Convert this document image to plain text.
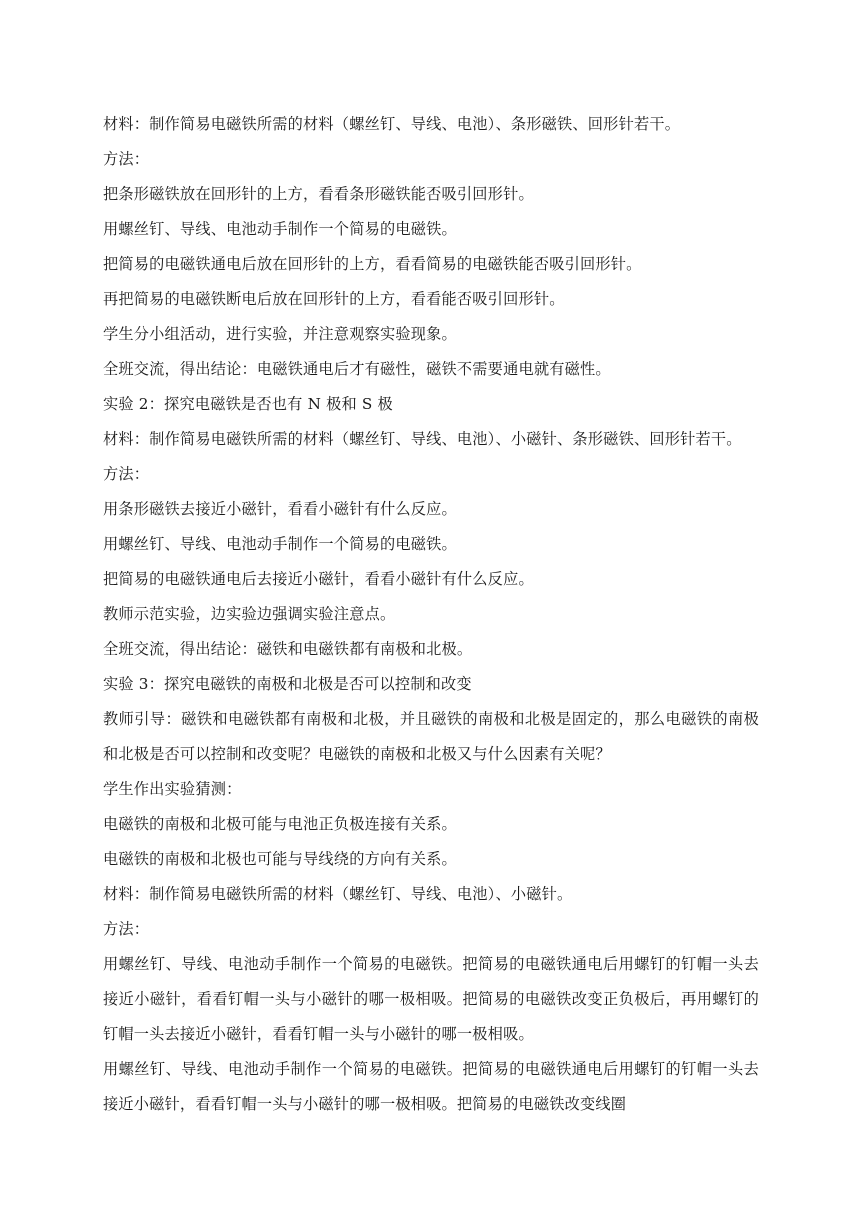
材料：制作简易电磁铁所需的材料（螺丝钉、导线、电池）、条形磁铁、回形针若干。

方法：

把条形磁铁放在回形针的上方，看看条形磁铁能否吸引回形针。

用螺丝钉、导线、电池动手制作一个简易的电磁铁。

把简易的电磁铁通电后放在回形针的上方，看看简易的电磁铁能否吸引回形针。

再把简易的电磁铁断电后放在回形针的上方，看看能否吸引回形针。

学生分小组活动，进行实验，并注意观察实验现象。

全班交流，得出结论：电磁铁通电后才有磁性，磁铁不需要通电就有磁性。

实验 2：探究电磁铁是否也有 N 极和 S 极

材料：制作简易电磁铁所需的材料（螺丝钉、导线、电池）、小磁针、条形磁铁、回形针若干。

方法：

用条形磁铁去接近小磁针，看看小磁针有什么反应。

用螺丝钉、导线、电池动手制作一个简易的电磁铁。

把简易的电磁铁通电后去接近小磁针，看看小磁针有什么反应。

教师示范实验，边实验边强调实验注意点。

全班交流，得出结论：磁铁和电磁铁都有南极和北极。

实验 3：探究电磁铁的南极和北极是否可以控制和改变

教师引导：磁铁和电磁铁都有南极和北极，并且磁铁的南极和北极是固定的，那么电磁铁的南极和北极是否可以控制和改变呢？电磁铁的南极和北极又与什么因素有关呢？

学生作出实验猜测：

电磁铁的南极和北极可能与电池正负极连接有关系。

电磁铁的南极和北极也可能与导线绕的方向有关系。

材料：制作简易电磁铁所需的材料（螺丝钉、导线、电池）、小磁针。

方法：

用螺丝钉、导线、电池动手制作一个简易的电磁铁。把简易的电磁铁通电后用螺钉的钉帽一头去接近小磁针，看看钉帽一头与小磁针的哪一极相吸。把简易的电磁铁改变正负极后，再用螺钉的钉帽一头去接近小磁针，看看钉帽一头与小磁针的哪一极相吸。

用螺丝钉、导线、电池动手制作一个简易的电磁铁。把简易的电磁铁通电后用螺钉的钉帽一头去接近小磁针，看看钉帽一头与小磁针的哪一极相吸。把简易的电磁铁改变线圈
